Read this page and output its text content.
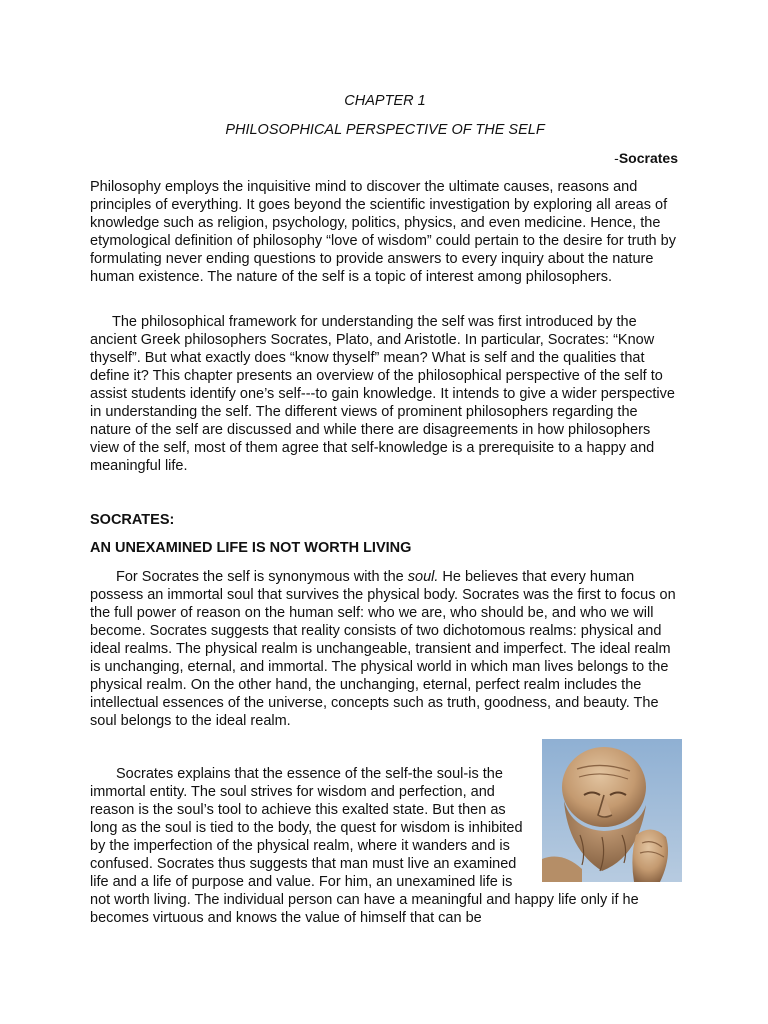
CHAPTER 1
PHILOSOPHICAL PERSPECTIVE OF THE SELF
-Socrates

Philosophy employs the inquisitive mind to discover the ultimate causes, reasons and principles of everything. It goes beyond the scientific investigation by exploring all areas of knowledge such as religion, psychology, politics, physics, and even medicine. Hence, the etymological definition of philosophy “love of wisdom” could pertain to the desire for truth by formulating never ending questions to provide answers to every inquiry about the nature human existence. The nature of the self is a topic of interest among philosophers.

The philosophical framework for understanding the self was first introduced by the ancient Greek philosophers Socrates, Plato, and Aristotle. In particular, Socrates: “Know thyself”. But what exactly does “know thyself” mean? What is self and the qualities that define it? This chapter presents an overview of the philosophical perspective of the self to assist students identify one’s self---to gain knowledge. It intends to give a wider perspective in understanding the self. The different views of prominent philosophers regarding the nature of the self are discussed and while there are disagreements in how philosophers view of the self, most of them agree that self-knowledge is a prerequisite to a happy and meaningful life.

SOCRATES:
AN UNEXAMINED LIFE IS NOT WORTH LIVING

For Socrates the self is synonymous with the soul. He believes that every human possess an immortal soul that survives the physical body. Socrates was the first to focus on the full power of reason on the human self: who we are, who should be, and who we will become. Socrates suggests that reality consists of two dichotomous realms: physical and ideal realms. The physical realm is unchangeable, transient and imperfect. The ideal realm is unchanging, eternal, and immortal. The physical world in which man lives belongs to the physical realm. On the other hand, the unchanging, eternal, perfect realm includes the intellectual essences of the universe, concepts such as truth, goodness, and beauty. The soul belongs to the ideal realm.

Socrates explains that the essence of the self-the soul-is the immortal entity. The soul strives for wisdom and perfection, and reason is the soul’s tool to achieve this exalted state. But then as long as the soul is tied to the body, the quest for wisdom is inhibited by the imperfection of the physical realm, where it wanders and is confused. Socrates thus suggests that man must live an examined life and a life of purpose and value. For him, an unexamined life is not worth living. The individual person can have a meaningful and happy life only if he becomes virtuous and knows the value of himself that can be
